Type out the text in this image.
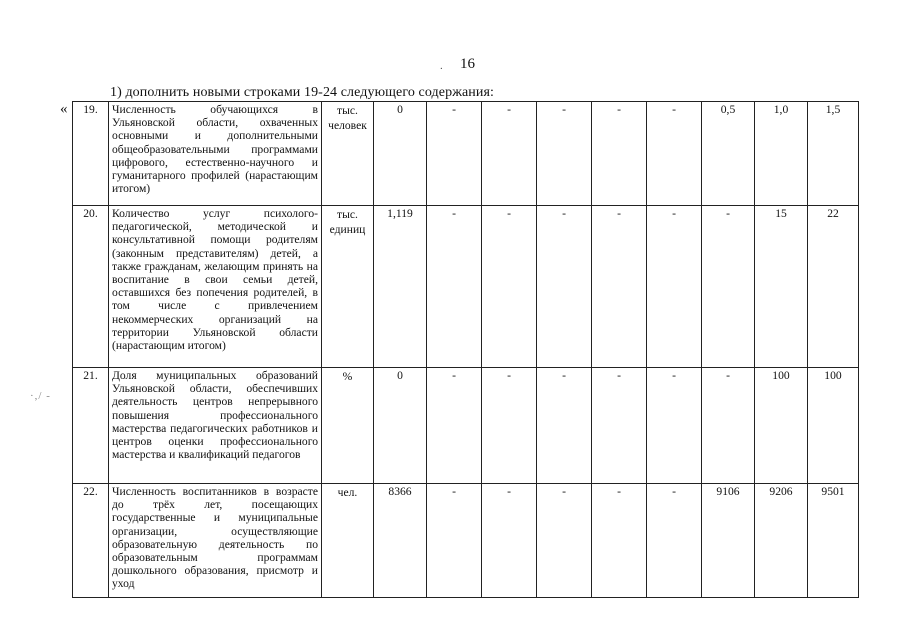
. 16
1) дополнить новыми строками 19-24 следующего содержания:
«
·,/ -
19.	Численность обучающихся в Ульяновской области, охваченных основными и дополнительными общеобразовательными программами цифрового, естественно-научного и гуманитарного профилей (нарастающим итогом)	тыс. человек	0	-	-	-	-	-	0,5	1,0	1,5
20.	Количество услуг психолого-педагогической, методической и консультативной помощи родителям (законным представителям) детей, а также гражданам, желающим принять на воспитание в свои семьи детей, оставшихся без попечения родителей, в том числе с привлечением некоммерческих организаций на территории Ульяновской области (нарастающим итогом)	тыс. единиц	1,119	-	-	-	-	-	-	15	22
21.	Доля муниципальных образований Ульяновской области, обеспечивших деятельность центров непрерывного повышения профессионального мастерства педагогических работников и центров оценки профессионального мастерства и квалификаций педагогов	%	0	-	-	-	-	-	-	100	100
22.	Численность воспитанников в возрасте до трёх лет, посещающих государственные и муниципальные организации, осуществляющие образовательную деятельность по образовательным программам дошкольного образования, присмотр и уход	чел.	8366	-	-	-	-	-	9106	9206	9501
